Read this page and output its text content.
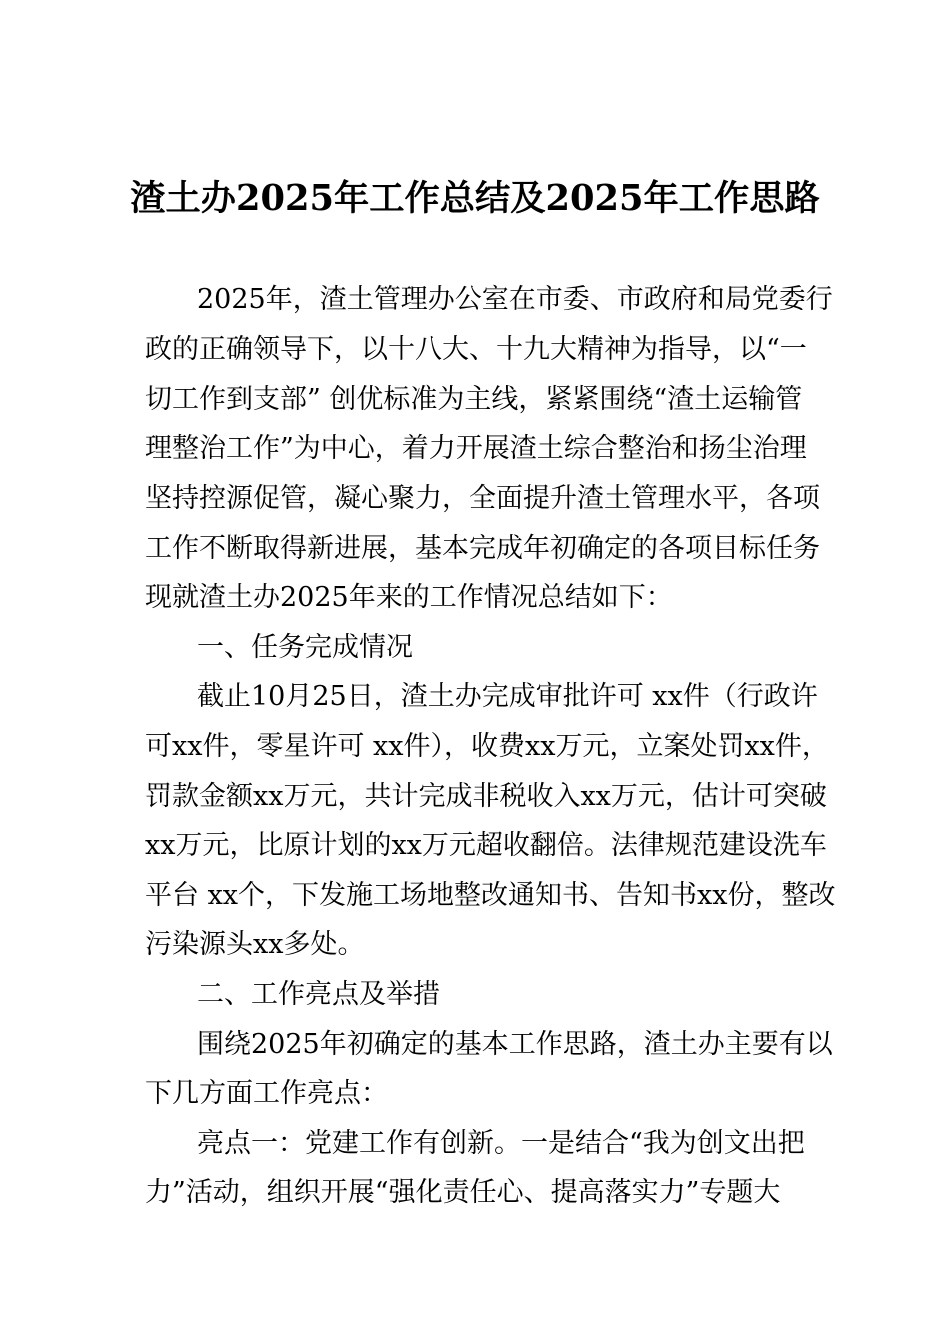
渣土办2025年工作总结及2025年工作思路
2025年，渣土管理办公室在市委、市政府和局党委行
政的正确领导下，以十八大、十九大精神为指导，以“一
切工作到支部” 创优标准为主线，紧紧围绕“渣土运输管
理整治工作”为中心，着力开展渣土综合整治和扬尘治理
坚持控源促管，凝心聚力，全面提升渣土管理水平，各项
工作不断取得新进展，基本完成年初确定的各项目标任务
现就渣土办2025年来的工作情况总结如下：
一、任务完成情况
截止10月25日，渣土办完成审批许可 xx件（行政许
可xx件，零星许可 xx件），收费xx万元，立案处罚xx件，
罚款金额xx万元，共计完成非税收入xx万元，估计可突破
xx万元，比原计划的xx万元超收翻倍。法律规范建设洗车
平台 xx个，下发施工场地整改通知书、告知书xx份，整改
污染源头xx多处。
二、工作亮点及举措
围绕2025年初确定的基本工作思路，渣土办主要有以
下几方面工作亮点：
亮点一：党建工作有创新。一是结合“我为创文出把
力”活动，组织开展“强化责任心、提高落实力”专题大
